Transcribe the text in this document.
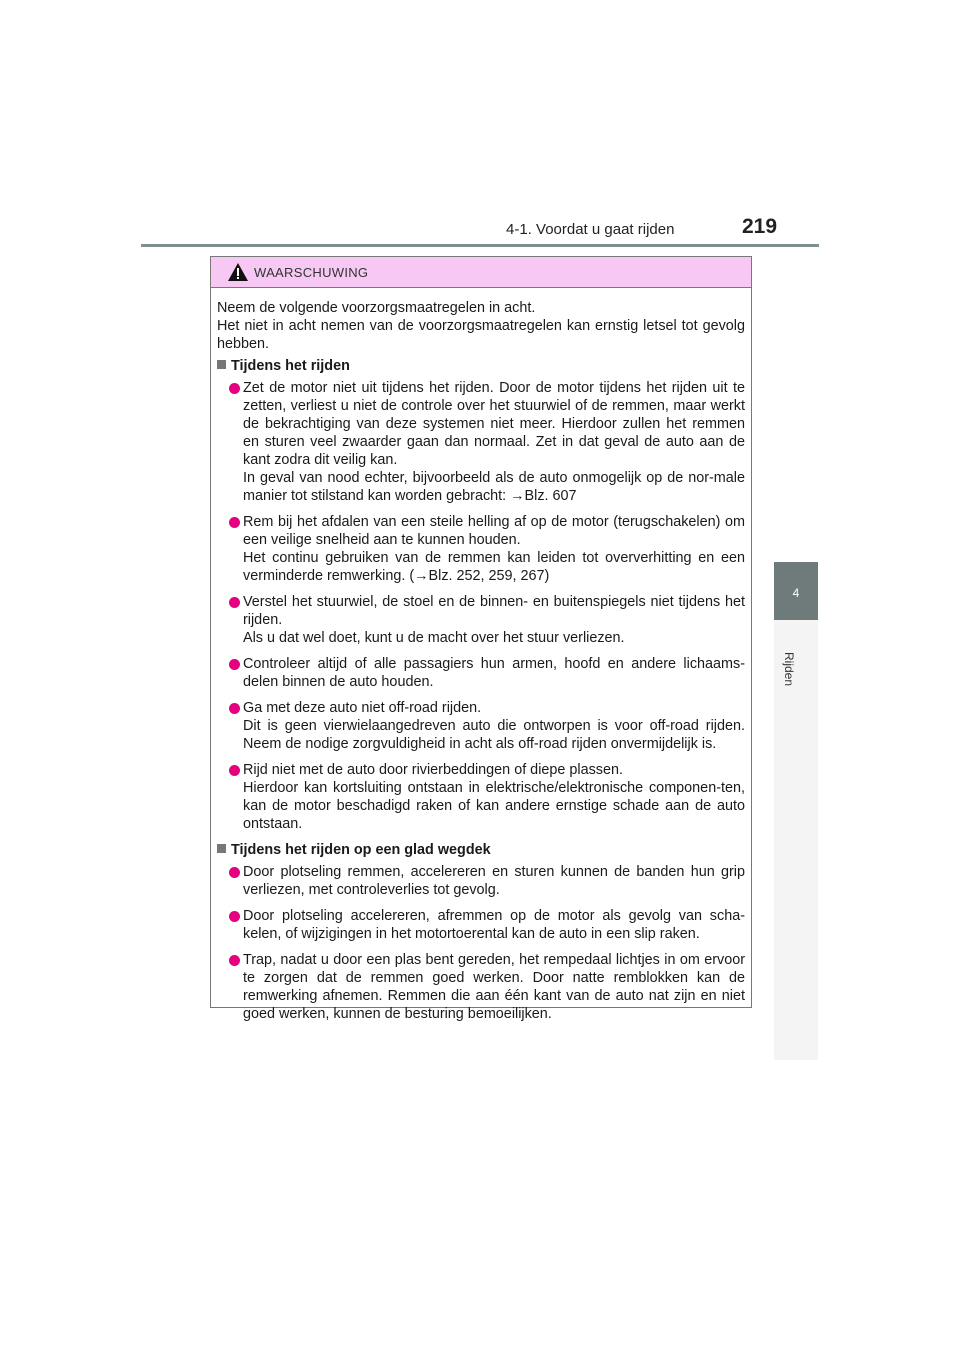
4-1. Voordat u gaat rijden	219
4
Rijden
WAARSCHUWING

Neem de volgende voorzorgsmaatregelen in acht.
Het niet in acht nemen van de voorzorgsmaatregelen kan ernstig letsel tot gevolg hebben.

Tijdens het rijden
Zet de motor niet uit tijdens het rijden. Door de motor tijdens het rijden uit te zetten, verliest u niet de controle over het stuurwiel of de remmen, maar werkt de bekrachtiging van deze systemen niet meer. Hierdoor zullen het remmen en sturen veel zwaarder gaan dan normaal. Zet in dat geval de auto aan de kant zodra dit veilig kan.
In geval van nood echter, bijvoorbeeld als de auto onmogelijk op de nor-male manier tot stilstand kan worden gebracht: →Blz. 607
Rem bij het afdalen van een steile helling af op de motor (terugschakelen) om een veilige snelheid aan te kunnen houden.
Het continu gebruiken van de remmen kan leiden tot oververhitting en een verminderde remwerking. (→Blz. 252, 259, 267)
Verstel het stuurwiel, de stoel en de binnen- en buitenspiegels niet tijdens het rijden.
Als u dat wel doet, kunt u de macht over het stuur verliezen.
Controleer altijd of alle passagiers hun armen, hoofd en andere lichaams-delen binnen de auto houden.
Ga met deze auto niet off-road rijden.
Dit is geen vierwielaangedreven auto die ontworpen is voor off-road rijden. Neem de nodige zorgvuldigheid in acht als off-road rijden onvermijdelijk is.
Rijd niet met de auto door rivierbeddingen of diepe plassen.
Hierdoor kan kortsluiting ontstaan in elektrische/elektronische componen-ten, kan de motor beschadigd raken of kan andere ernstige schade aan de auto ontstaan.
Tijdens het rijden op een glad wegdek
Door plotseling remmen, accelereren en sturen kunnen de banden hun grip verliezen, met controleverlies tot gevolg.
Door plotseling accelereren, afremmen op de motor als gevolg van scha-kelen, of wijzigingen in het motortoerental kan de auto in een slip raken.
Trap, nadat u door een plas bent gereden, het rempedaal lichtjes in om ervoor te zorgen dat de remmen goed werken. Door natte remblokken kan de remwerking afnemen. Remmen die aan één kant van de auto nat zijn en niet goed werken, kunnen de besturing bemoeilijken.
